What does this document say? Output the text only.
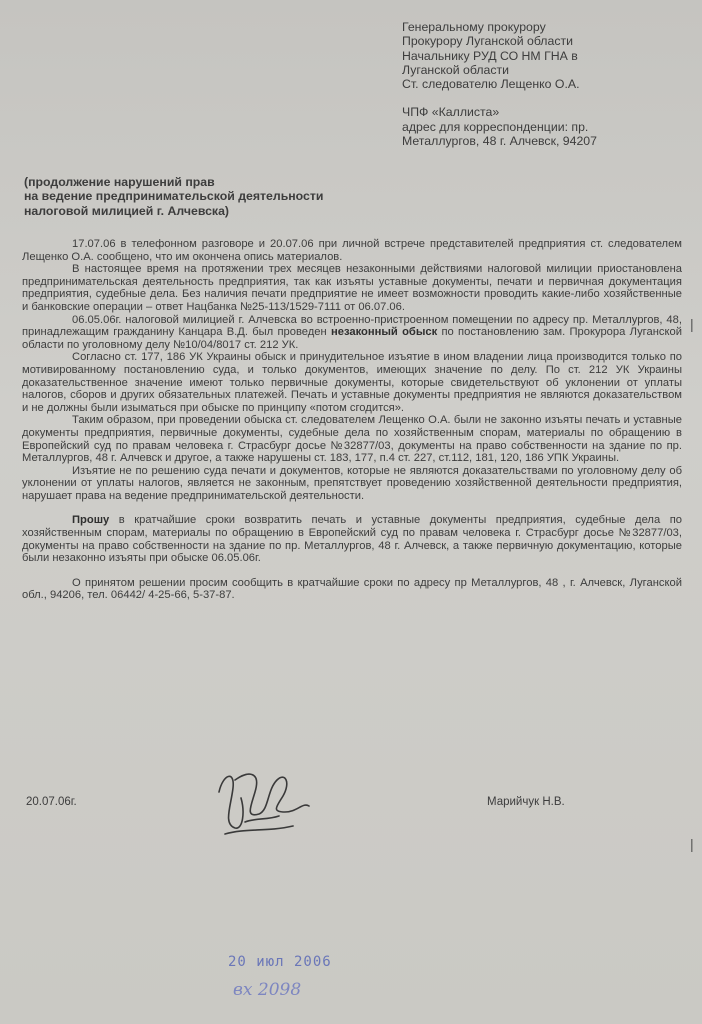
Генеральному прокурору
Прокурору Луганской области
Начальнику РУД СО НМ ГНА в
Луганской области
Ст. следователю Лещенко О.А.
ЧПФ «Каллиста»
адрес для корреспонденции: пр.
Металлургов, 48 г. Алчевск, 94207
(продолжение нарушений прав
на ведение предпринимательской деятельности
налоговой милицией г. Алчевска)

17.07.06 в телефонном разговоре и 20.07.06 при личной встрече представителей предприятия ст. следователем Лещенко О.А. сообщено, что им окончена опись материалов.

В настоящее время на протяжении трех месяцев незаконными действиями налоговой милиции приостановлена предпринимательская деятельность предприятия, так как изъяты уставные документы, печати и первичная документация предприятия, судебные дела. Без наличия печати предприятие не имеет возможности проводить какие-либо хозяйственные и банковские операции – ответ Нацбанка №25-113/1529-7111 от 06.07.06.

06.05.06г. налоговой милицией г. Алчевска во встроенно-пристроенном помещении по адресу пр. Металлургов, 48, принадлежащим гражданину Канцара В.Д. был проведен незаконный обыск по постановлению зам. Прокурора Луганской области по уголовному делу №10/04/8017 ст. 212 УК.

Согласно ст. 177, 186 УК Украины обыск и принудительное изъятие в ином владении лица производится только по мотивированному постановлению суда, и только документов, имеющих значение по делу. По ст. 212 УК Украины доказательственное значение имеют только первичные документы, которые свидетельствуют об уклонении от уплаты налогов, сборов и других обязательных платежей. Печать и уставные документы предприятия не являются доказательством и не должны были изыматься при обыске по принципу «потом сгодится».

Таким образом, при проведении обыска ст. следователем Лещенко О.А. были не законно изъяты печать и уставные документы предприятия, первичные документы, судебные дела по хозяйственным спорам, материалы по обращению в Европейский суд по правам человека г. Страсбург досье №32877/03, документы на право собственности на здание по пр. Металлургов, 48 г. Алчевск и другое, а также нарушены ст. 183, 177, п.4 ст. 227, ст.112, 181, 120, 186 УПК Украины.

Изъятие не по решению суда печати и документов, которые не являются доказательствами по уголовному делу об уклонении от уплаты налогов, является не законным, препятствует проведению хозяйственной деятельности предприятия, нарушает права на ведение предпринимательской деятельности.

Прошу в кратчайшие сроки возвратить печать и уставные документы предприятия, судебные дела по хозяйственным спорам, материалы по обращению в Европейский суд по правам человека г. Страсбург досье №32877/03, документы на право собственности на здание по пр. Металлургов, 48 г. Алчевск, а также первичную документацию, которые были незаконно изъяты при обыске 06.05.06г.

О принятом решении просим сообщить в кратчайшие сроки по адресу пр Металлургов, 48 , г. Алчевск, Луганской обл., 94206, тел. 06442/ 4-25-66, 5-37-87.

20.07.06г.	Марийчук Н.В.
20 июл 2006
вх 2098
|
|
